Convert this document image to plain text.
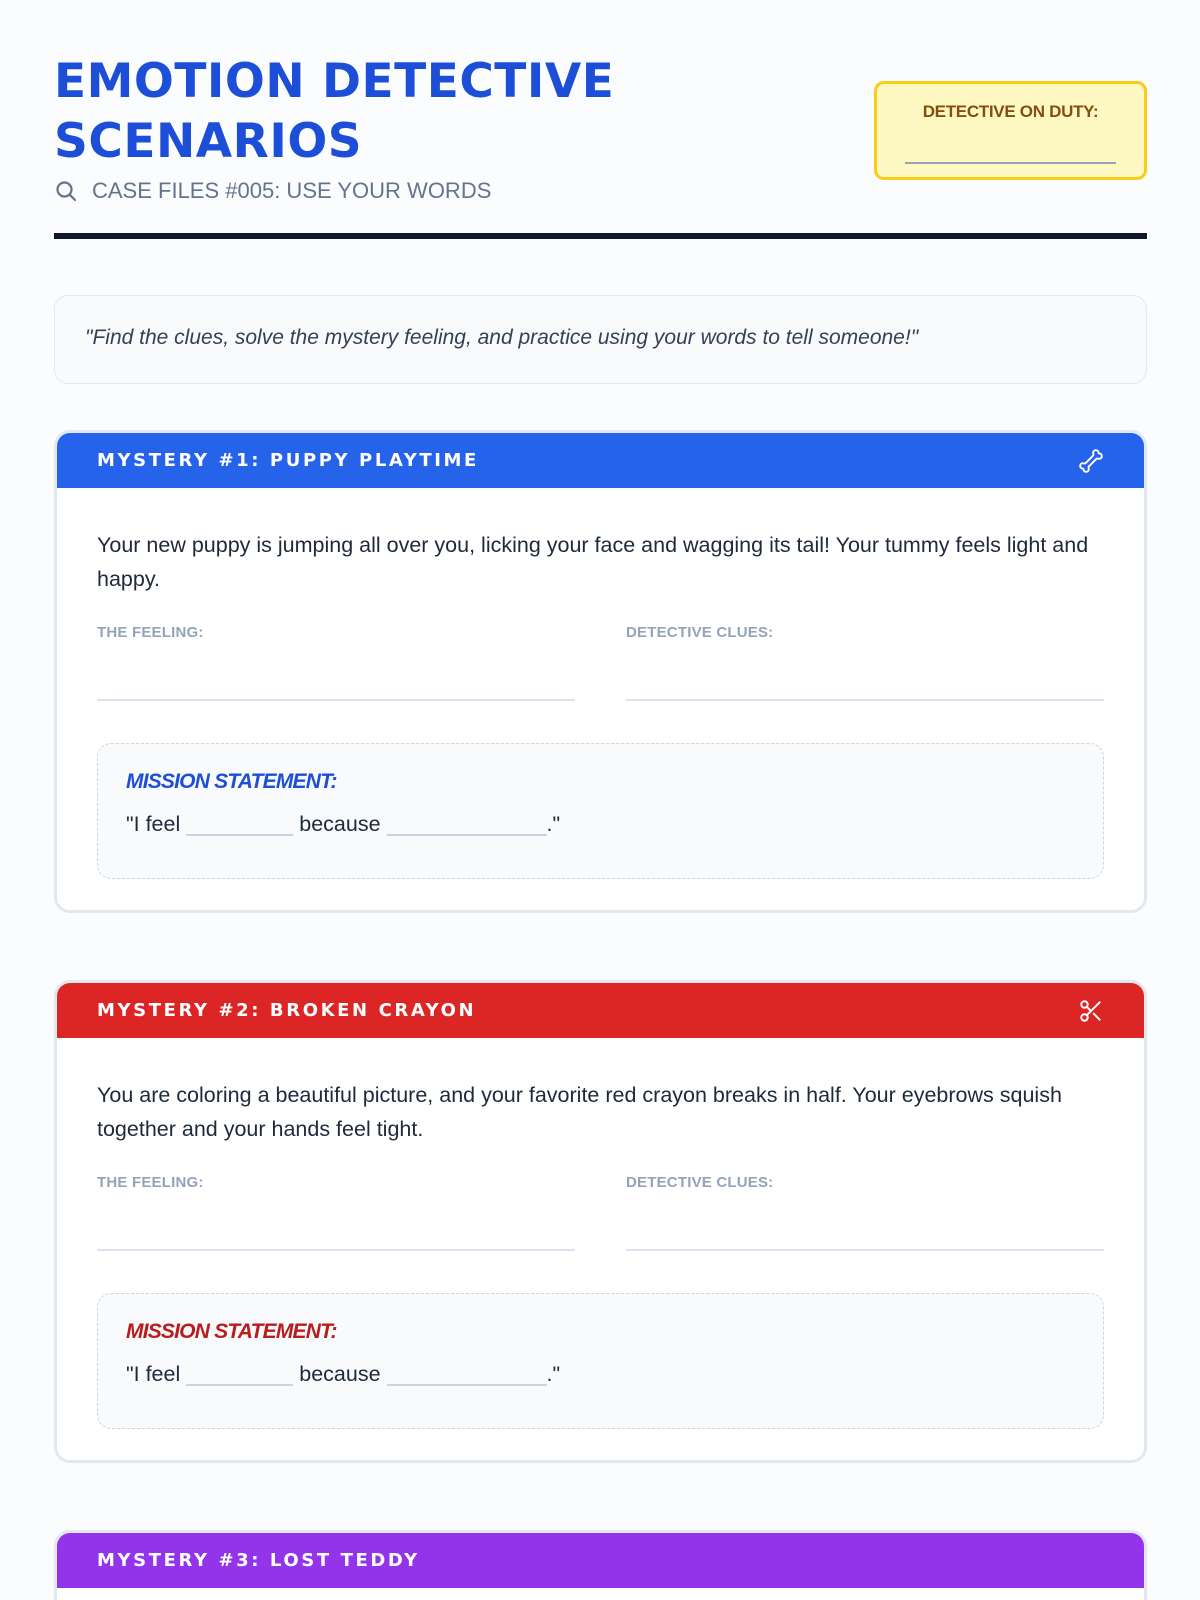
EMOTION DETECTIVE SCENARIOS
CASE FILES #005: USE YOUR WORDS
DETECTIVE ON DUTY:
"Find the clues, solve the mystery feeling, and practice using your words to tell someone!"
MYSTERY #1: PUPPY PLAYTIME

Your new puppy is jumping all over you, licking your face and wagging its tail! Your tummy feels light and happy.

THE FEELING:	DETECTIVE CLUES:
MISSION STATEMENT:
"I feel	because	."
MYSTERY #2: BROKEN CRAYON

You are coloring a beautiful picture, and your favorite red crayon breaks in half. Your eyebrows squish together and your hands feel tight.

THE FEELING:	DETECTIVE CLUES:
MISSION STATEMENT:
"I feel	because	."
MYSTERY #3: LOST TEDDY
